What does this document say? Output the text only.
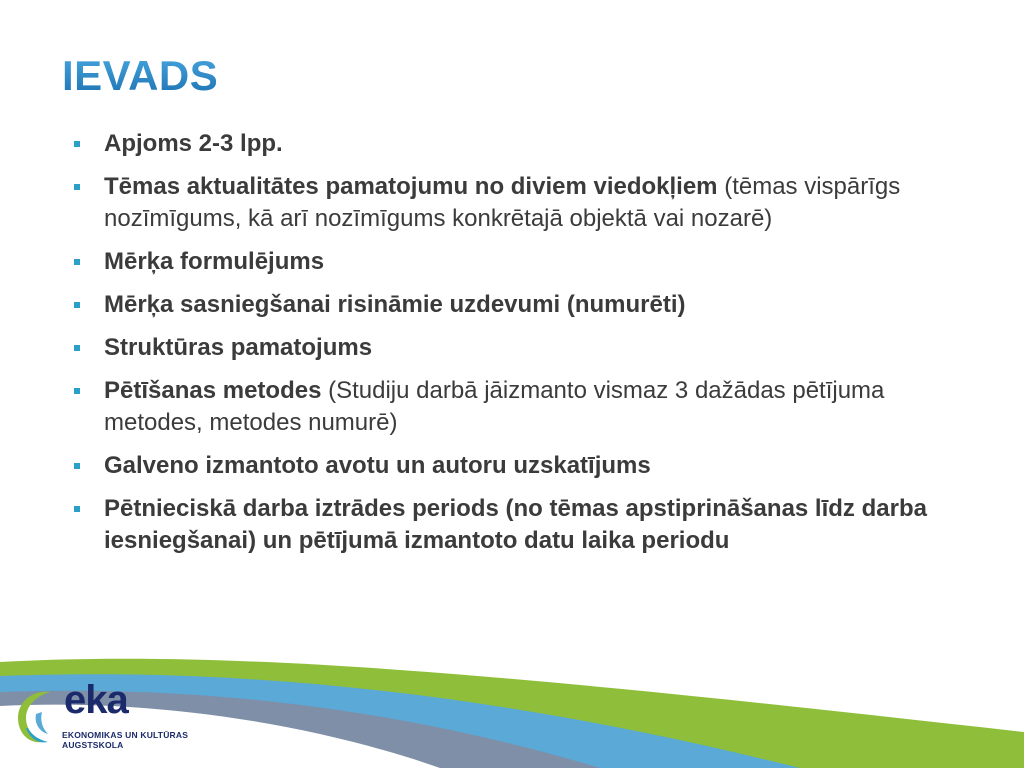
IEVADS
Apjoms 2-3 lpp.
Tēmas aktualitātes pamatojumu no diviem viedokļiem (tēmas vispārīgs nozīmīgums, kā arī nozīmīgums konkrētajā objektā vai nozarē)
Mērķa formulējums
Mērķa sasniegšanai risināmie uzdevumi (numurēti)
Struktūras pamatojums
Pētīšanas metodes (Studiju darbā jāizmanto vismaz 3 dažādas pētījuma metodes, metodes numurē)
Galveno izmantoto avotu un autoru uzskatījums
Pētnieciskā darba iztrādes periods (no tēmas apstiprināšanas līdz darba iesniegšanai) un pētījumā izmantoto datu laika periodu
eka
EKONOMIKAS UN KULTŪRAS
AUGSTSKOLA
